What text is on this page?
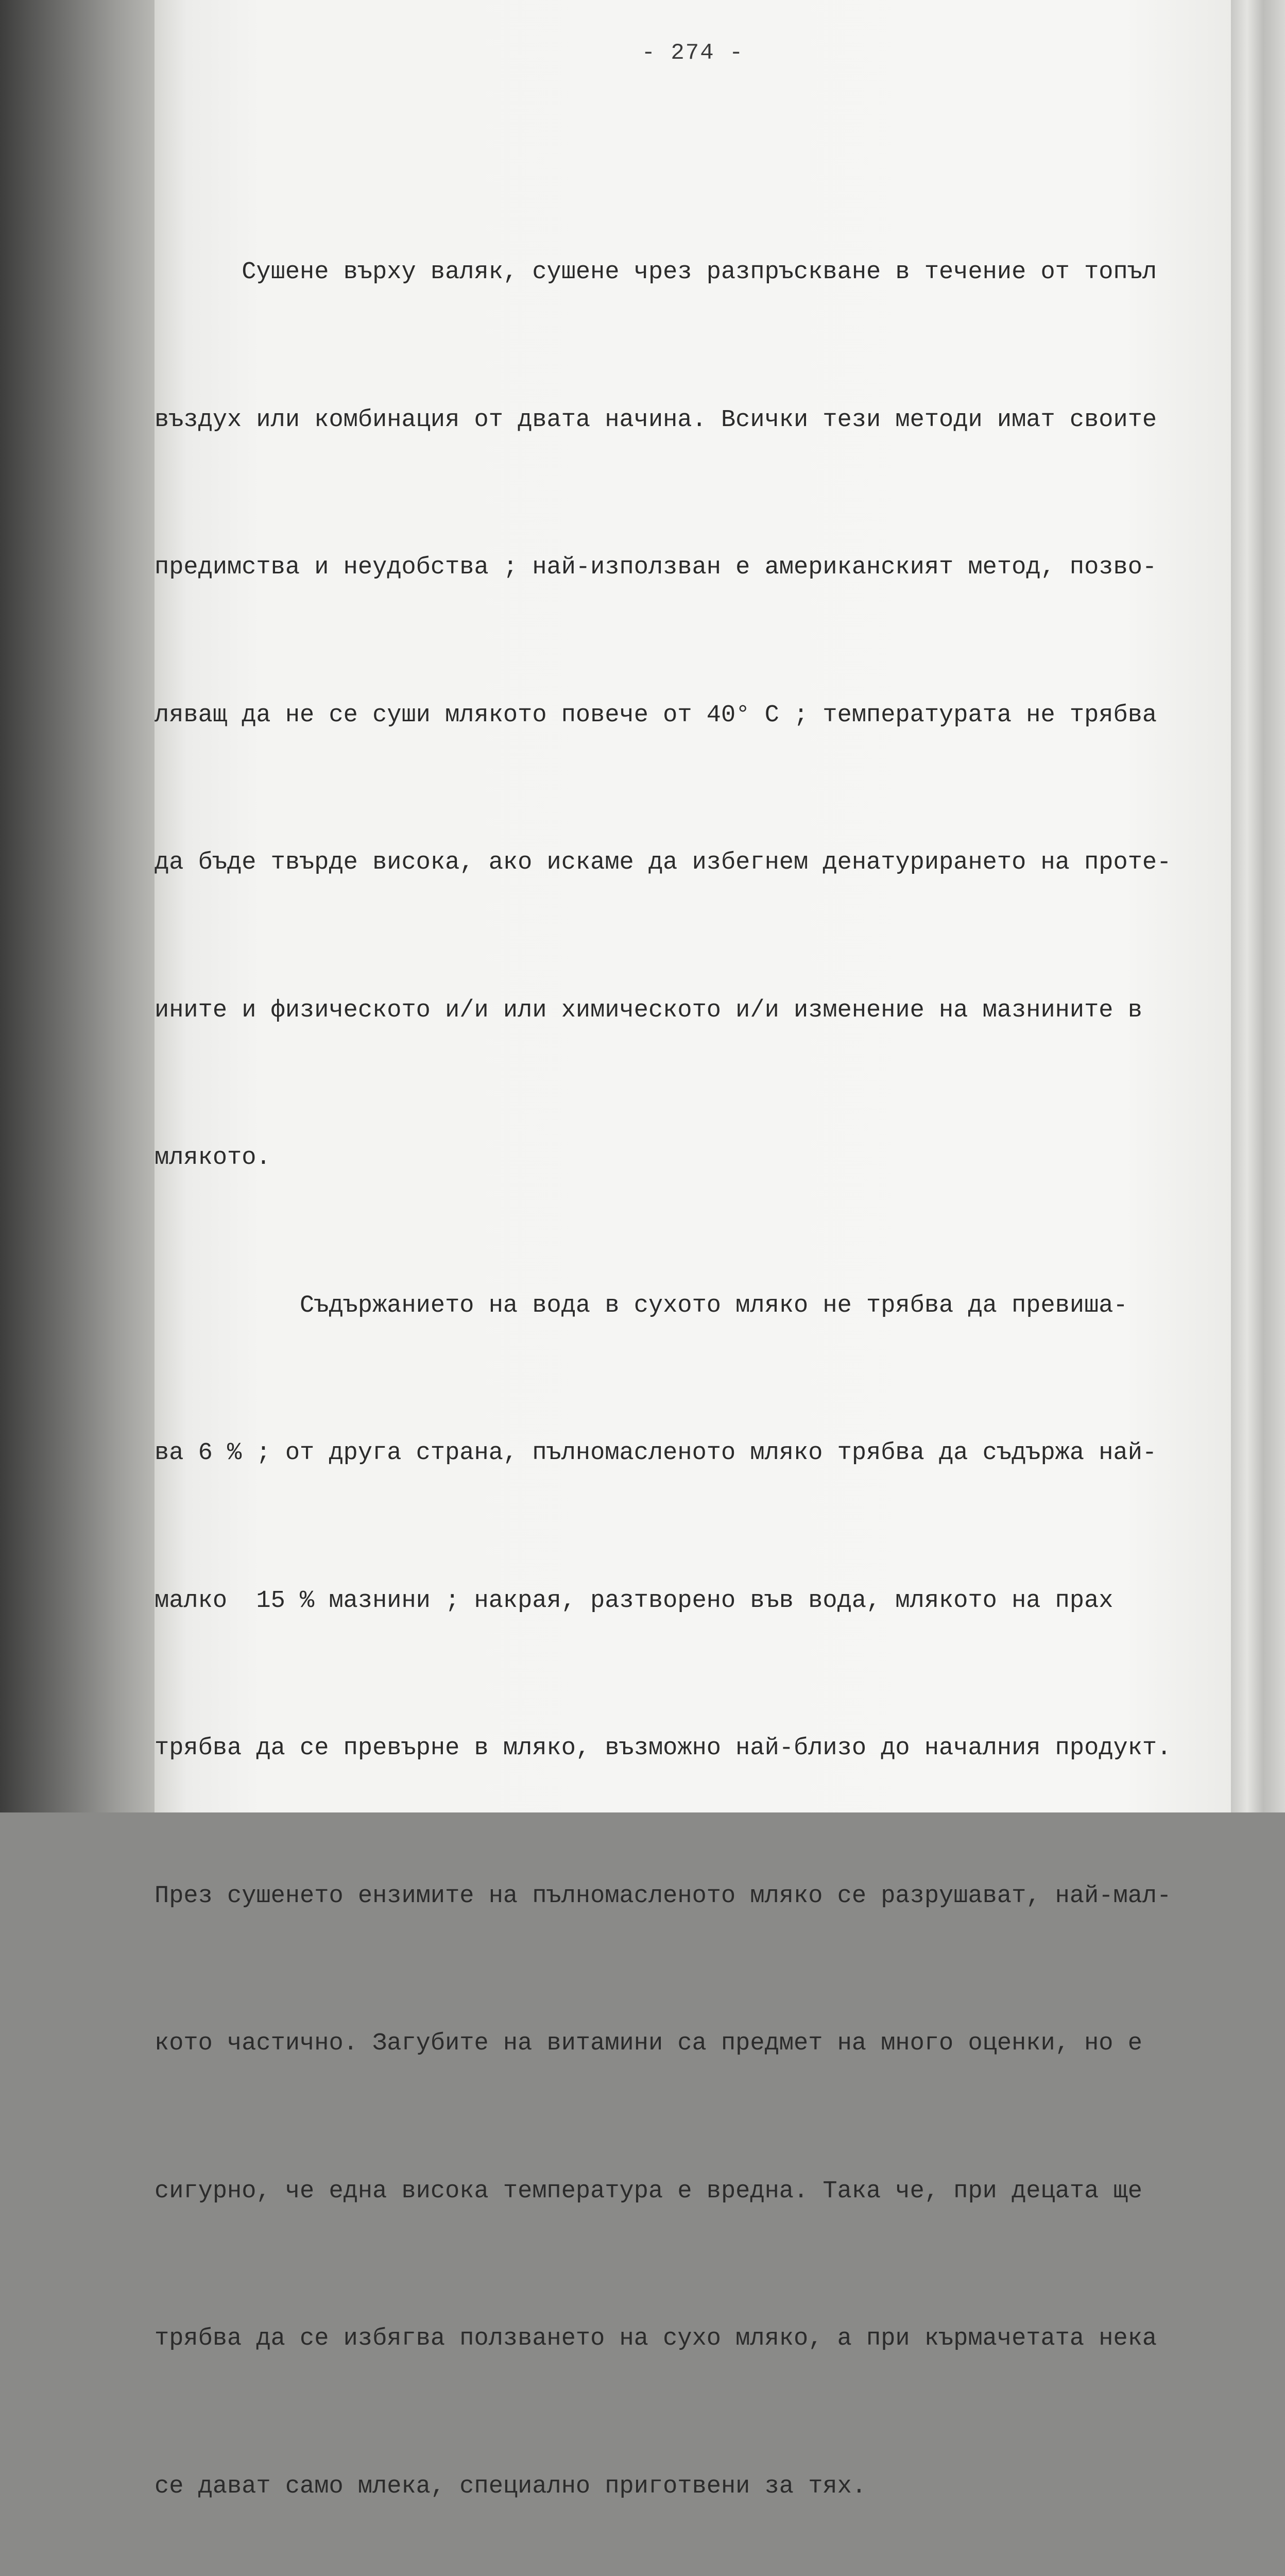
- 274 -

Сушене върху валяк, сушене чрез разпръскване в течение от топъл

въздух или комбинация от двата начина. Всички тези методи имат своите

предимства и неудобства ; най-използван е американският метод, позво-

ляващ да не се суши млякото повече от 40° С ; температурата не трябва

да бъде твърде висока, ако искаме да избегнем денатурирането на проте-

ините и физическото и/и или химическото и/и изменение на мазнините в

млякото.

Съдържанието на вода в сухото мляко не трябва да превиша-

ва 6 % ; от друга страна, пълномасленото мляко трябва да съдържа най-

малко  15 % мазнини ; накрая, разтворено във вода, млякото на прах

трябва да се превърне в мляко, възможно най-близо до началния продукт.

През сушенето ензимите на пълномасленото мляко се разрушават, най-мал-

кото частично. Загубите на витамини са предмет на много оценки, но е

сигурно, че една висока температура е вредна. Така че, при децата ще

трябва да се избягва ползването на сухо мляко, а при кърмачетата нека

се дават само млека, специално приготвени за тях.
